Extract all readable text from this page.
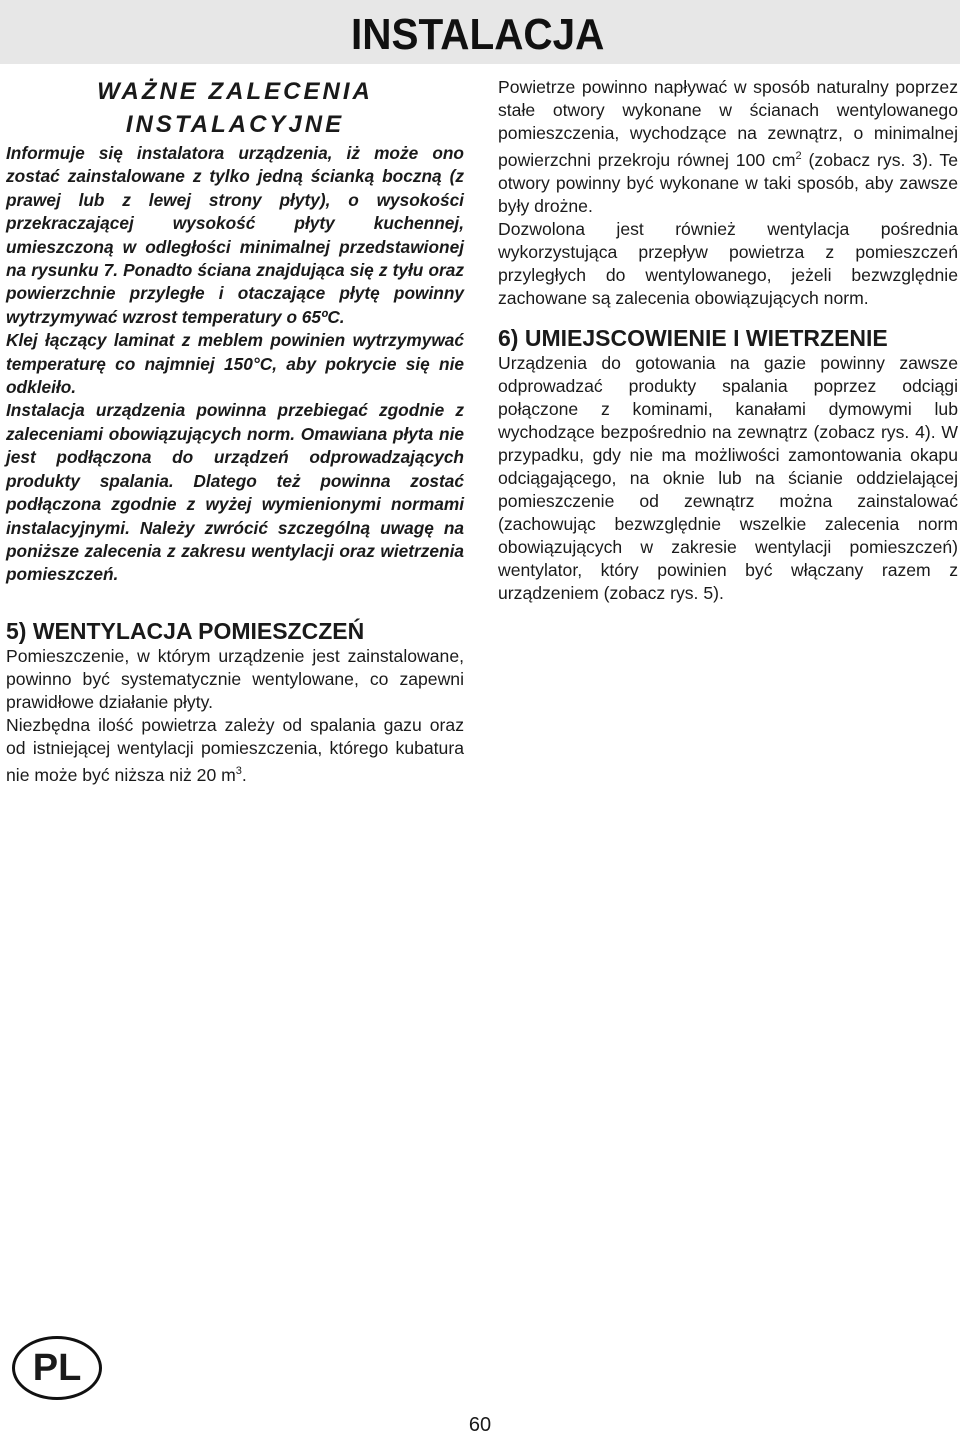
INSTALACJA
WAŻNE ZALECENIA
INSTALACYJNE

Informuje się instalatora urządzenia, iż może ono zostać zainstalowane z tylko jedną ścianką boczną (z prawej lub z lewej strony płyty), o wysokości przekraczającej wysokość płyty kuchennej, umieszczoną w odległości minimalnej przedstawionej na rysunku 7. Ponadto ściana znajdująca się z tyłu oraz powierzchnie przyległe i otaczające płytę powinny wytrzymywać wzrost temperatury o 65ºC.

Klej łączący laminat z meblem powinien wytrzymywać temperaturę co najmniej 150°C, aby pokrycie się nie odkleiło.

Instalacja urządzenia powinna przebiegać zgodnie z zaleceniami obowiązujących norm. Omawiana płyta nie jest podłączona do urządzeń odprowadzających produkty spalania. Dlatego też powinna zostać podłączona zgodnie z wyżej wymienionymi normami instalacyjnymi. Należy zwrócić szczególną uwagę na poniższe zalecenia z zakresu wentylacji oraz wietrzenia pomieszczeń.

5) WENTYLACJA POMIESZCZEŃ

Pomieszczenie, w którym urządzenie jest zainstalowane, powinno być systematycznie wentylowane, co zapewni prawidłowe działanie płyty.

Niezbędna ilość powietrza zależy od spalania gazu oraz od istniejącej wentylacji pomieszczenia, którego kubatura nie może być niższa niż 20 $m^3$.

Powietrze powinno napływać w sposób naturalny poprzez stałe otwory wykonane w ścianach wentylowanego pomieszczenia, wychodzące na zewnątrz, o minimalnej powierzchni przekroju równej 100 $cm^2$ (zobacz rys. 3). Te otwory powinny być wykonane w taki sposób, aby zawsze były drożne.

Dozwolona jest również wentylacja pośrednia wykorzystująca przepływ powietrza z pomieszczeń przyległych do wentylowanego, jeżeli bezwzględnie zachowane są zalecenia obowiązujących norm.

6) UMIEJSCOWIENIE I WIETRZENIE

Urządzenia do gotowania na gazie powinny zawsze odprowadzać produkty spalania poprzez odciągi połączone z kominami, kanałami dymowymi lub wychodzące bezpośrednio na zewnątrz (zobacz rys. 4). W przypadku, gdy nie ma możliwości zamontowania okapu odciągającego, na oknie lub na ścianie oddzielającej pomieszczenie od zewnątrz można zainstalować (zachowując bezwzględnie wszelkie zalecenia norm obowiązujących w zakresie wentylacji pomieszczeń) wentylator, który powinien być włączany razem z urządzeniem (zobacz rys. 5).

PL
60
